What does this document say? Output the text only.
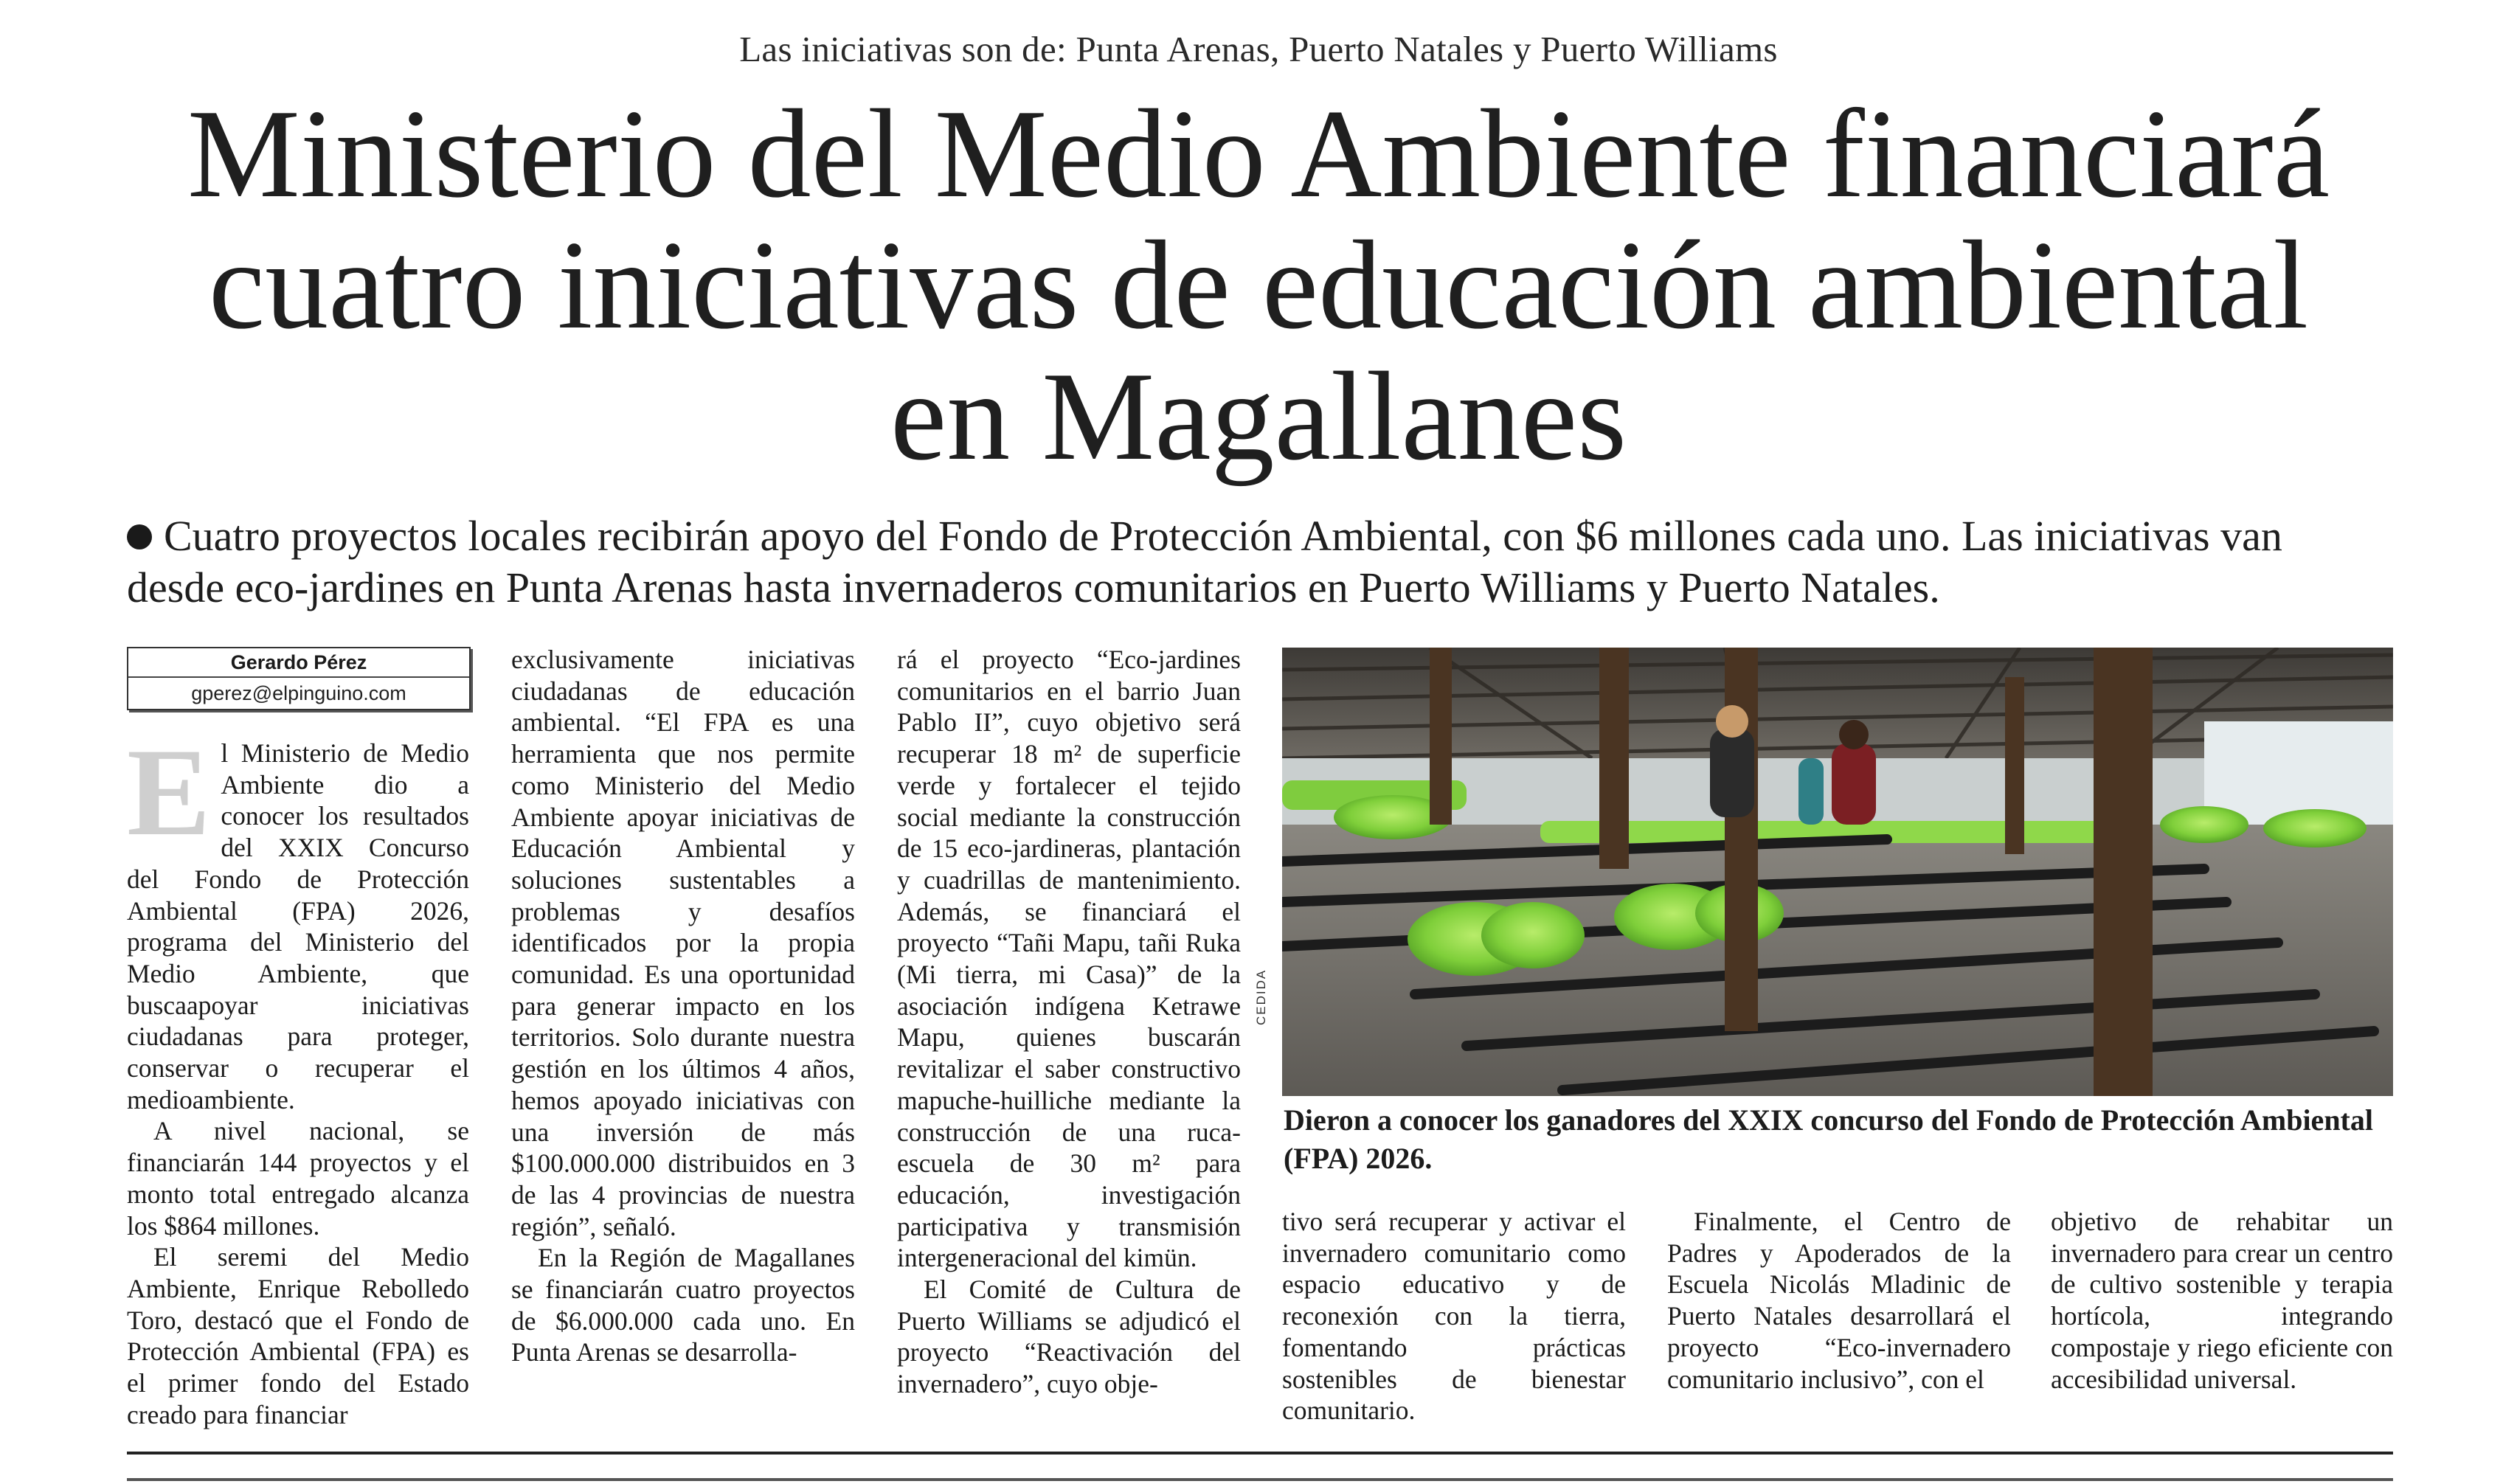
Las iniciativas son de: Punta Arenas, Puerto Natales y Puerto Williams
Ministerio del Medio Ambiente financiará
cuatro iniciativas de educación ambiental
en Magallanes
Cuatro proyectos locales recibirán apoyo del Fondo de Protección Ambiental, con $6 millones cada uno. Las iniciativas van
desde eco-jardines en Punta Arenas hasta invernaderos comunitarios en Puerto Williams y Puerto Natales.
Gerardo Pérez
gperez@elpinguino.com

El Ministerio de Medio Ambiente dio a conocer los resultados del XXIX Concurso del Fondo de Protección Ambiental (FPA) 2026, programa del Ministerio del Medio Ambiente, que buscaapoyar iniciativas ciudadanas para proteger, conservar o recuperar el medioambiente.

A nivel nacional, se financiarán 144 proyectos y el monto total entregado alcanza los $864 millones.

El seremi del Medio Ambiente, Enrique Rebolledo Toro, destacó que el Fondo de Protección Ambiental (FPA) es el primer fondo del Estado creado para financiar

exclusivamente iniciativas ciudadanas de educación ambiental. “El FPA es una herramienta que nos permite como Ministerio del Medio Ambiente apoyar iniciativas de Educación Ambiental y soluciones sustentables a problemas y desafíos identificados por la propia comunidad. Es una oportunidad para generar impacto en los territorios. Solo durante nuestra gestión en los últimos 4 años, hemos apoyado iniciativas con una inversión de más $100.000.000 distribuidos en 3 de las 4 provincias de nuestra región”, señaló.

En la Región de Magallanes se financiarán cuatro proyectos de $6.000.000 cada uno. En Punta Arenas se desarrolla-

rá el proyecto “Eco-jardines comunitarios en el barrio Juan Pablo II”, cuyo objetivo será recuperar 18 m² de superficie verde y fortalecer el tejido social mediante la construcción de 15 eco-jardineras, plantación y cuadrillas de mantenimiento. Además, se financiará el proyecto “Tañi Mapu, tañi Ruka (Mi tierra, mi Casa)” de la asociación indígena Ketrawe Mapu, quienes buscarán revitalizar el saber constructivo mapuche-huilliche mediante la construcción de una ruca-escuela de 30 m² para educación, investigación participativa y transmisión intergeneracional del kimün.

El Comité de Cultura de Puerto Williams se adjudicó el proyecto “Reactivación del invernadero”, cuyo obje-

CEDIDA
Dieron a conocer los ganadores del XXIX concurso del Fondo de Protección Ambiental (FPA) 2026.

tivo será recuperar y activar el invernadero comunitario como espacio educativo y de reconexión con la tierra, fomentando prácticas sostenibles de bienestar comunitario.

Finalmente, el Centro de Padres y Apoderados de la Escuela Nicolás Mladinic de Puerto Natales desarrollará el proyecto “Eco-invernadero comunitario inclusivo”, con el

objetivo de rehabitar un invernadero para crear un centro de cultivo sostenible y terapia hortícola, integrando compostaje y riego eficiente con accesibilidad universal.
